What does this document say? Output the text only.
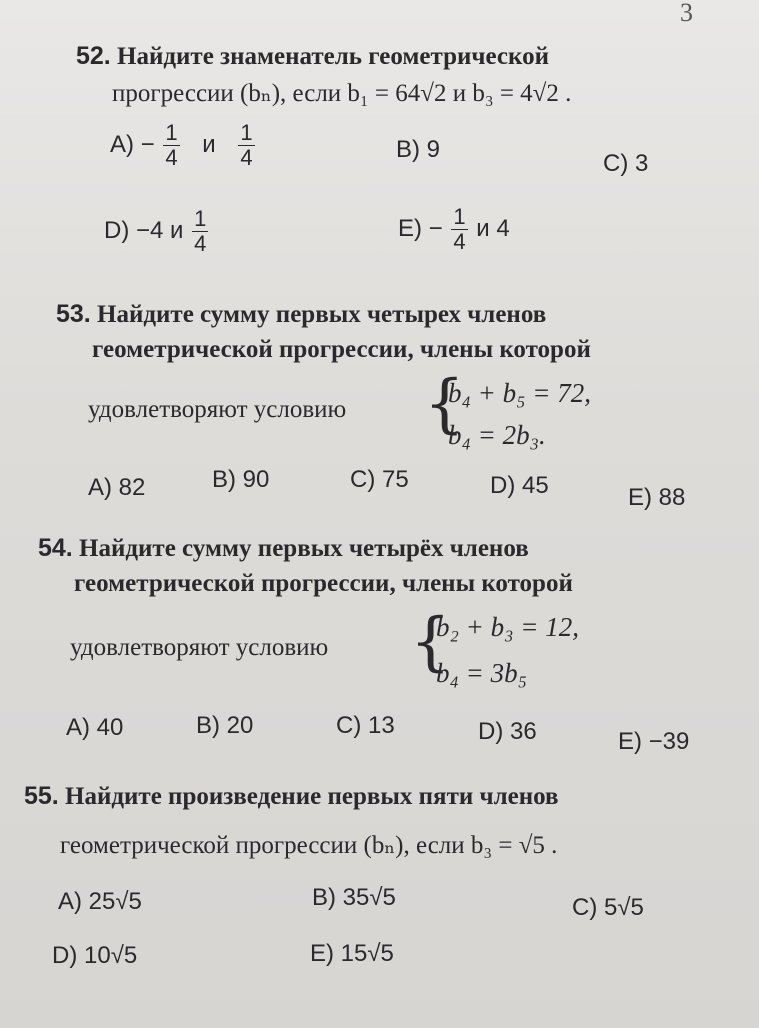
3
52. Найдите знаменатель геометрической
прогрессии (bₙ), если b₁ = 64√2 и b₃ = 4√2 .
$A) - \frac{1}{4}$ и $\frac{1}{4}$	B) 9
C) 3
D) −4 и $\frac{1}{4}$	$E) - \frac{1}{4}$ и 4
53. Найдите сумму первых четырех членов
геометрической прогрессии, члены которой
удовлетворяют условию {
b₄ + b₅ = 72,
b₄ = 2b₃.
A) 82	B) 90	C) 75	D) 45	E) 88
54. Найдите сумму первых четырёх членов
геометрической прогрессии, члены которой
удовлетворяют условию {
b₂ + b₃ = 12,
b₄ = 3b₅
A) 40	B) 20	C) 13	D) 36	E) −39
55. Найдите произведение первых пяти членов
геометрической прогрессии (bₙ), если b₃ = √5 .
A) 25√5	B) 35√5	C) 5√5
D) 10√5	E) 15√5
